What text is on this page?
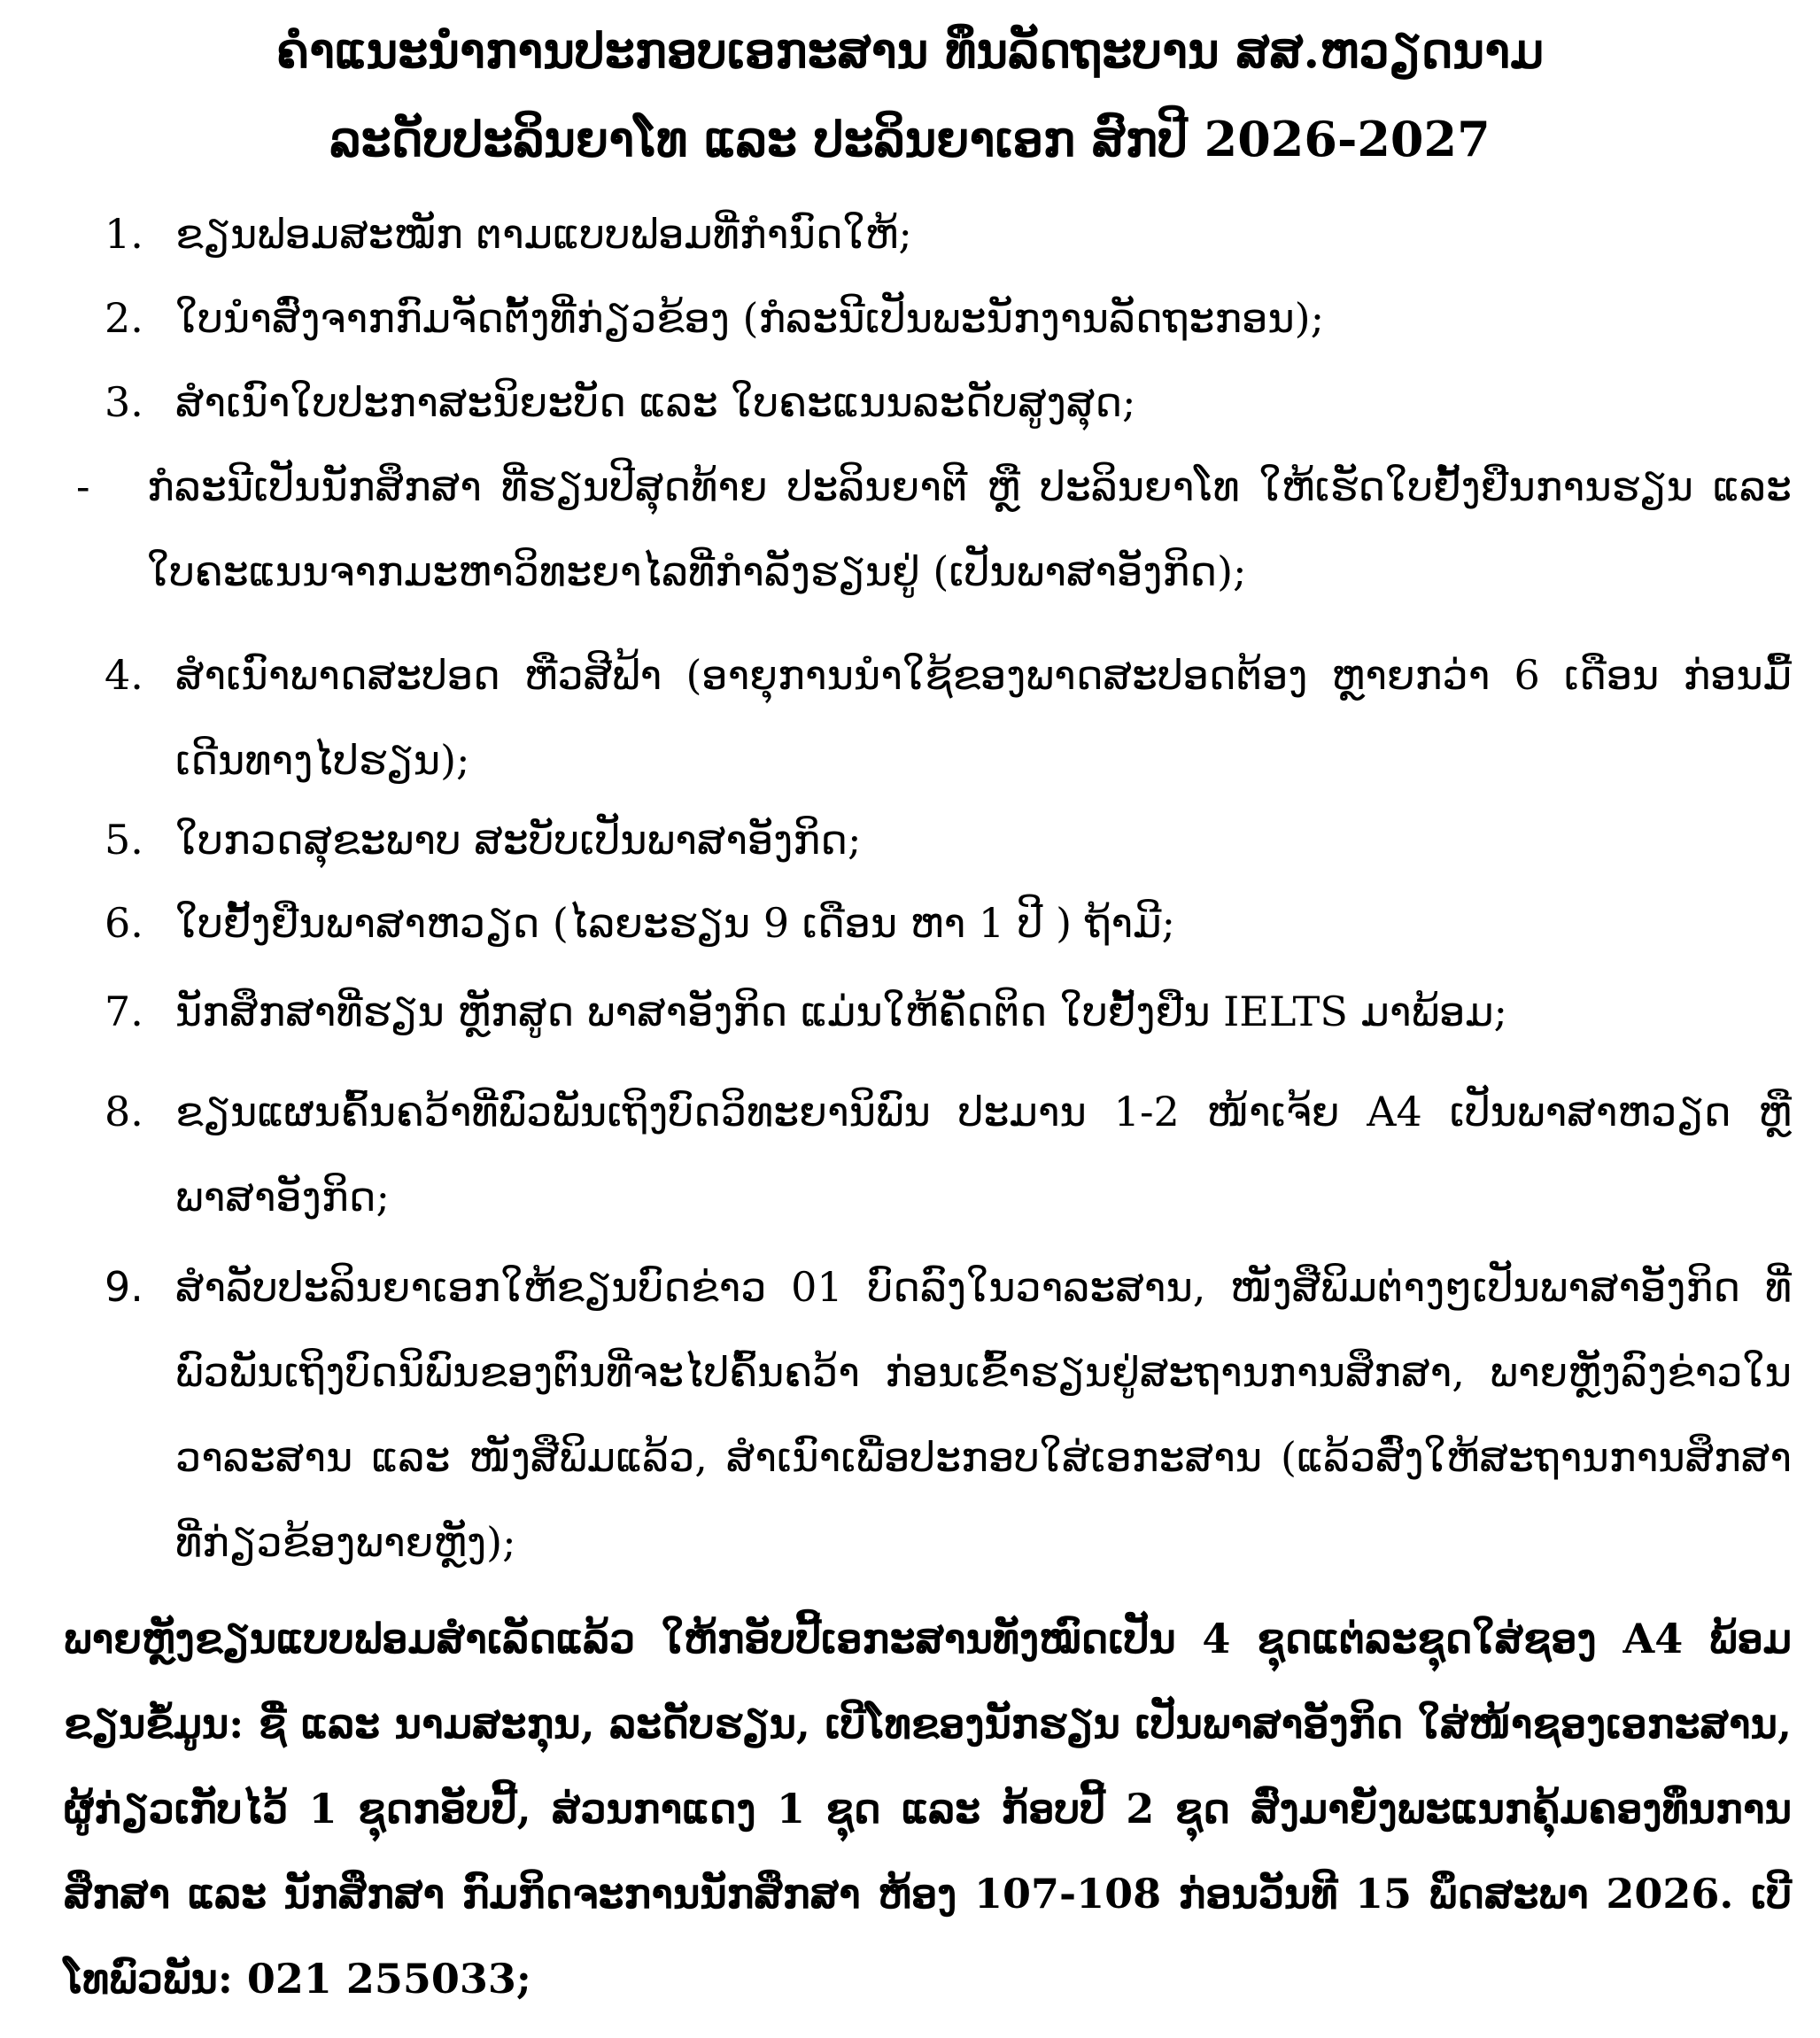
ຄໍາແນະນໍາການປະກອບເອກະສານ ທຶນລັດຖະບານ ສສ.ຫວຽດນາມ
ລະດັບປະລິນຍາໂທ ແລະ ປະລິນຍາເອກ ສົກປີ 2026-2027
1. ຂຽນຟອມສະໝັກ ຕາມແບບຟອມທີ່ກໍານົດໃຫ້;
2. ໃບນໍາສົ່ງຈາກກົມຈັດຕັ້ງທີ່ກ່ຽວຂ້ອງ (ກໍລະນີເປັນພະນັກງານລັດຖະກອນ);
3. ສໍາເນົາໃບປະກາສະນິຍະບັດ ແລະ ໃບຄະແນນລະດັບສູງສຸດ;
-	ກໍລະນີເປັນນັກສຶກສາ ທີ່ຮຽນປີສຸດທ້າຍ ປະລິນຍາຕີ ຫຼື ປະລິນຍາໂທ ໃຫ້ເຮັດໃບຢັ້ງຢືນການຮຽນ ແລະ ໃບຄະແນນຈາກມະຫາວິທະຍາໄລທີ່ກໍາລັງຮຽນຢູ່ (ເປັນພາສາອັງກິດ);
4. ສໍາເນົາພາດສະປອດ ຫືວສີຟ້າ (ອາຍຸການນໍາໃຊ້ຂອງພາດສະປອດຕ້ອງ ຫຼາຍກວ່າ 6 ເດືອນ ກ່ອນມື້ເດີນທາງໄປຮຽນ);
5. ໃບກວດສຸຂະພາບ ສະບັບເປັນພາສາອັງກິດ;
6. ໃບຢັ້ງຢືນພາສາຫວຽດ (ໄລຍະຮຽນ 9 ເດືອນ ຫາ 1 ປີ ) ຖ້າມີ;
7. ນັກສຶກສາທີ່ຮຽນ ຫຼັກສູດ ພາສາອັງກິດ ແມ່ນໃຫ້ຄັດຕິດ ໃບຢັ້ງຢືນ IELTS ມາພ້ອມ;
8. ຂຽນແຜນຄົ້ນຄວ້າທີ່ພົວພັນເຖິງບົດວິທະຍານິພົນ ປະມານ 1-2 ໜ້າເຈ້ຍ A4 ເປັນພາສາຫວຽດ ຫຼື ພາສາອັງກິດ;
9. ສໍາລັບປະລິນຍາເອກໃຫ້ຂຽນບົດຂ່າວ 01 ບົດລົງໃນວາລະສານ, ໜັງສືພິມຕ່າງໆເປັນພາສາອັງກິດ ທີ່ພົວພັນເຖິງບົດນິພົນຂອງຕົນທີ່ຈະໄປຄົ້ນຄວ້າ ກ່ອນເຂົ້າຮຽນຢູ່ສະຖານການສຶກສາ, ພາຍຫຼັງລົງຂ່າວໃນວາລະສານ ແລະ ໜັງສືພິມແລ້ວ, ສໍາເນົາເພື່ອປະກອບໃສ່ເອກະສານ (ແລ້ວສົ່ງໃຫ້ສະຖານການສຶກສາທີ່ກ່ຽວຂ້ອງພາຍຫຼັງ);
ພາຍຫຼັງຂຽນແບບຟອມສໍາເລັດແລ້ວ ໃຫ້ກອັບປີ້ເອກະສານທັງໝົດເປັນ 4 ຊຸດແຕ່ລະຊຸດໃສ່ຊອງ A4 ພ້ອມຂຽນຂໍ້ມູນ: ຊື່ ແລະ ນາມສະກຸນ, ລະດັບຮຽນ, ເບີໂທຂອງນັກຮຽນ ເປັນພາສາອັງກິດ ໃສ່ໜ້າຊອງເອກະສານ, ຜູ້ກ່ຽວເກັບໄວ້ 1 ຊຸດກອັບປີ້, ສ່ວນກາແດງ 1 ຊຸດ ແລະ ກ້ອບປີ້ 2 ຊຸດ ສົ່ງມາຍັງພະແນກຄຸ້ມຄອງທຶນການສຶກສາ ແລະ ນັກສຶກສາ ກົມກິດຈະການນັກສຶກສາ ຫ້ອງ 107-108 ກ່ອນວັນທີ 15 ພຶດສະພາ 2026. ເບີໂທພົວພັນ: 021 255033;
